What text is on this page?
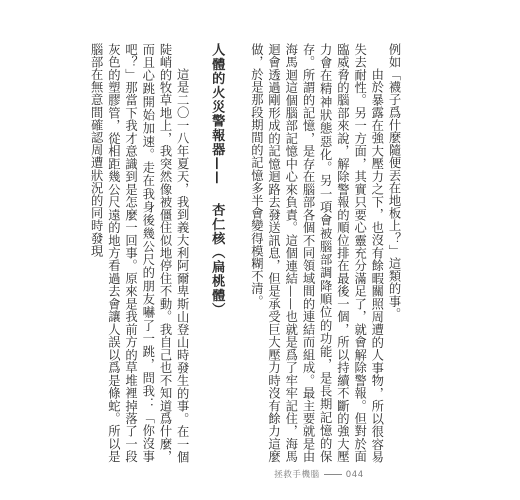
例如「襪子爲什麼隨便丟在地板上？」這類的事。

由於暴露在強大壓力之下，也沒有餘暇關照周遭的人事物，所以很容易失去耐性。另一方面，其實只要心靈充分滿足了，就會解除警報。但對於面臨威脅的腦部來說，解除警報的順位排在最後一個，所以持續不斷的強大壓力會在精神狀態惡化。另一項會被腦部調降順位的功能，是長期記憶的保存。所謂的記憶，是存在腦部各個不同領域間的連結而組成。最主要就是由海馬迴這個腦部記憶中心來負責。這個連結——也就是爲了牢牢記住，海馬迴會透過剛形成的記憶迴路去發送訊息，但是承受巨大壓力時沒有餘力這麼做，於是那段期間的記憶多半會變得模糊不清。

人體的火災警報器——杏仁核（扁桃體）

這是二〇一八年夏天，我到義大利阿爾卑斯山登山時發生的事。在一個陡峭的牧草地上，我突然像被僵住似地停住不動。我自己也不知道爲什麼，而且心跳開始加速。走在我身後幾公尺的朋友嚇了一跳，問我：「你沒事吧？」那當下我才意識到是怎麼一回事。原來是我前方的草堆裡掉落了一段灰色的塑膠管，從相距幾公尺遠的地方看過去會讓人誤以爲是條蛇。所以是腦部在無意間確認周遭狀況的同時發現

拯救手機腦	044
